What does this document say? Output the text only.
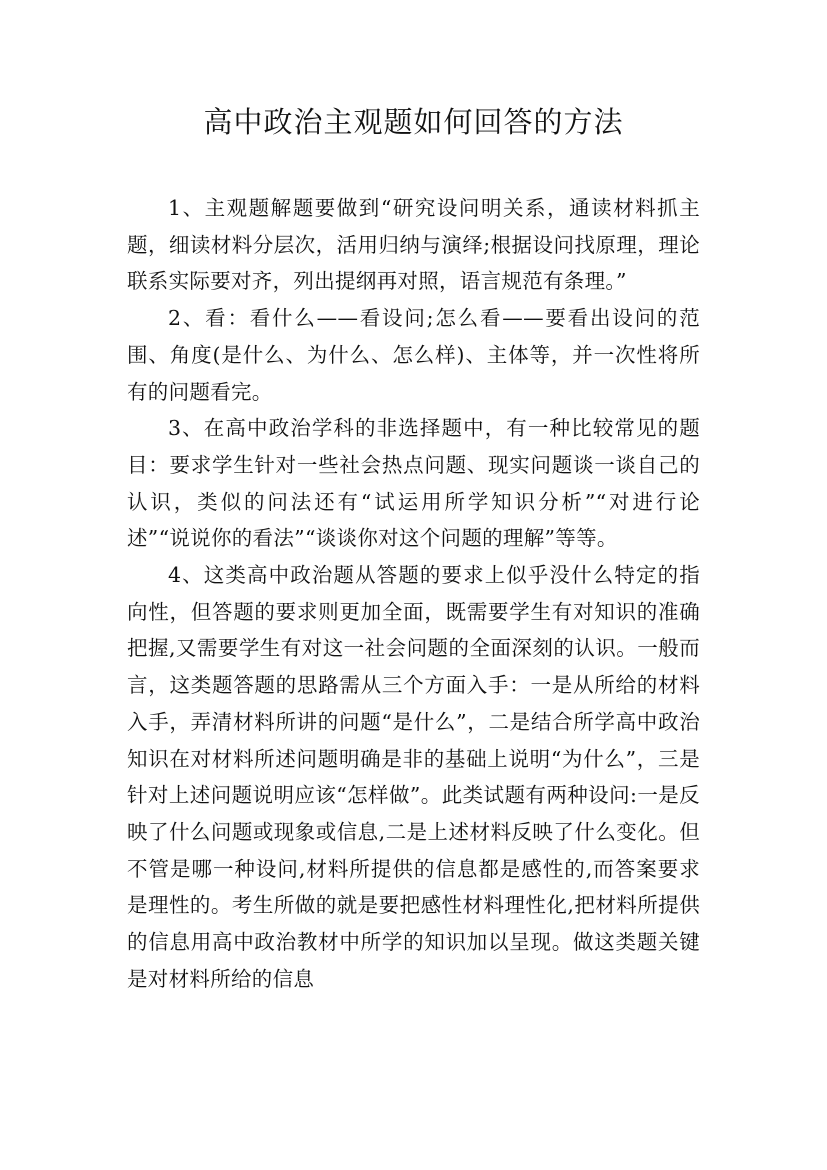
高中政治主观题如何回答的方法

1、主观题解题要做到“研究设问明关系，通读材料抓主题，细读材料分层次，活用归纳与演绎;根据设问找原理，理论联系实际要对齐，列出提纲再对照，语言规范有条理。”

2、看：看什么——看设问;怎么看——要看出设问的范围、角度(是什么、为什么、怎么样)、主体等，并一次性将所有的问题看完。

3、在高中政治学科的非选择题中，有一种比较常见的题目：要求学生针对一些社会热点问题、现实问题谈一谈自己的认识，类似的问法还有“试运用所学知识分析”“对进行论述”“说说你的看法”“谈谈你对这个问题的理解”等等。

4、这类高中政治题从答题的要求上似乎没什么特定的指向性，但答题的要求则更加全面，既需要学生有对知识的准确把握,又需要学生有对这一社会问题的全面深刻的认识。一般而言，这类题答题的思路需从三个方面入手：一是从所给的材料入手，弄清材料所讲的问题“是什么”，二是结合所学高中政治知识在对材料所述问题明确是非的基础上说明“为什么”，三是针对上述问题说明应该“怎样做”。此类试题有两种设问:一是反映了什么问题或现象或信息,二是上述材料反映了什么变化。但不管是哪一种设问,材料所提供的信息都是感性的,而答案要求是理性的。考生所做的就是要把感性材料理性化,把材料所提供的信息用高中政治教材中所学的知识加以呈现。做这类题关键是对材料所给的信息
